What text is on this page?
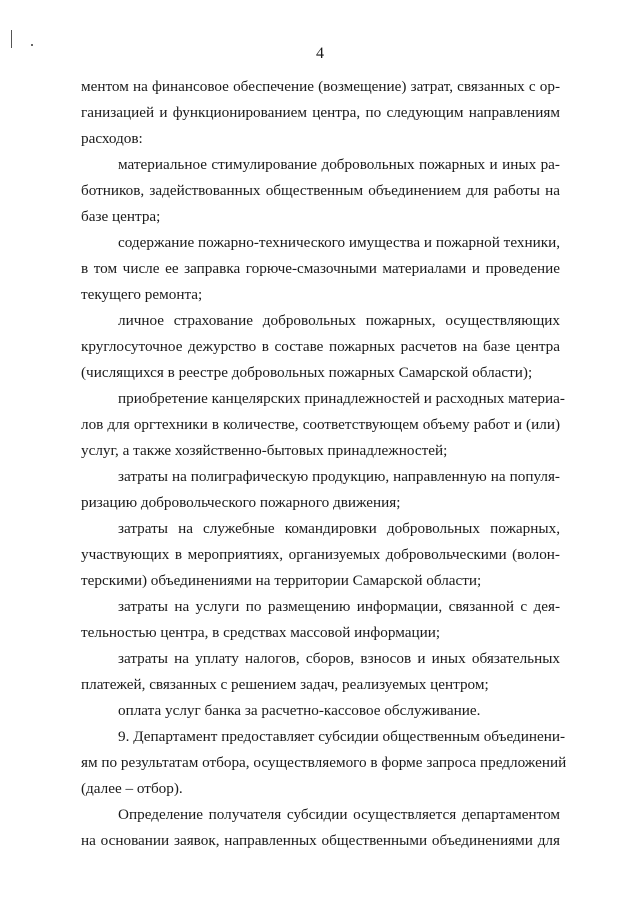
4
ментом на финансовое обеспечение (возмещение) затрат, связанных с ор-
ганизацией и функционированием центра, по следующим направлениям
расходов:
материальное стимулирование добровольных пожарных и иных ра-
ботников, задействованных общественным объединением для работы на
базе центра;
содержание пожарно-технического имущества и пожарной техники,
в том числе ее заправка горюче-смазочными материалами и проведение
текущего ремонта;
личное страхование добровольных пожарных, осуществляющих
круглосуточное дежурство в составе пожарных расчетов на базе центра
(числящихся в реестре добровольных пожарных Самарской области);
приобретение канцелярских принадлежностей и расходных материа-
лов для оргтехники в количестве, соответствующем объему работ и (или)
услуг, а также хозяйственно-бытовых принадлежностей;
затраты на полиграфическую продукцию, направленную на популя-
ризацию добровольческого пожарного движения;
затраты на служебные командировки добровольных пожарных,
участвующих в мероприятиях, организуемых добровольческими (волон-
терскими) объединениями на территории Самарской области;
затраты на услуги по размещению информации, связанной с дея-
тельностью центра, в средствах массовой информации;
затраты на уплату налогов, сборов, взносов и иных обязательных
платежей, связанных с решением задач, реализуемых центром;
оплата услуг банка за расчетно-кассовое обслуживание.
9. Департамент предоставляет субсидии общественным объединени-
ям по результатам отбора, осуществляемого в форме запроса предложений
(далее – отбор).
Определение получателя субсидии осуществляется департаментом
на основании заявок, направленных общественными объединениями для
